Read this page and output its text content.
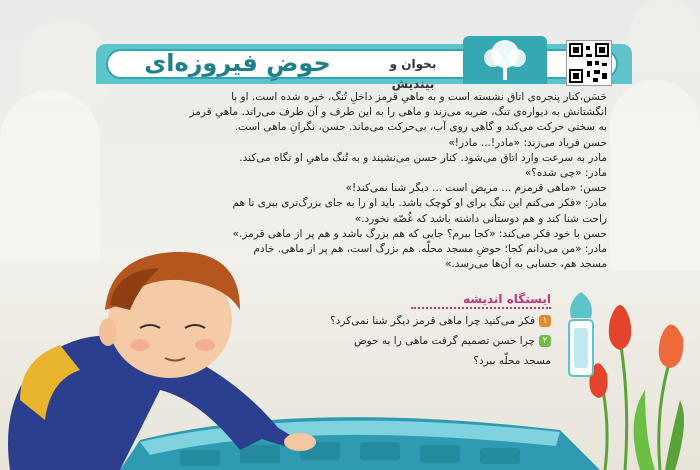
حوضِ فیروزه‌ای	بخوان و بیندیش

حَسَن،کنار پنجره‌ی اتاق نشسته است و به ماهیِ قرمز داخلِ تُنگ، خیره شده است. او با

انگشتانش به دیواره‌ی تنگ، ضربه می‌زند و ماهی را به این طرف و آن طرف می‌راند. ماهیِ قرمز

به سختی حرکت می‌کند و گاهی روی آب، بی‌حرکت می‌ماند. حسن، نگرانِ ماهی است.

حسن فریاد می‌زند: «مادر!... مادر!»

مادر به سرعت وارد اتاق می‌شود. کنار حسن می‌نشیند و به تُنگ ماهیِ او نگاه می‌کند.

مادر: «چی شده؟»

حسن: «ماهی قرمزم ... مریض است ... دیگر شنا نمی‌کند!»

مادر: «فکر می‌کنم این تنگ برای او کوچک باشد. باید او را به جای بزرگ‌تری ببری تا هم

راحت شنا کند و هم دوستانی داشته باشد که غُصّه نخورد.»

حسن با خود فکر می‌کند: «کجا ببرم؟ جایی که هم بزرگ باشد و هم پر از ماهی قرمز.»

مادر: «من می‌دانم کجا؛ حوضِ مسجد محلّه. هم بزرگ است، هم پر از ماهی. خادم

مسجد هم، حسابی به آن‌ها می‌رسد.»

ایستگاه اندیشه
۱فکر می‌کنید چرا ماهی قرمز دیگر شنا نمی‌کرد؟
۲چرا حسن تصمیم گرفت ماهی را به حوض
مسجد محلّه ببرد؟
